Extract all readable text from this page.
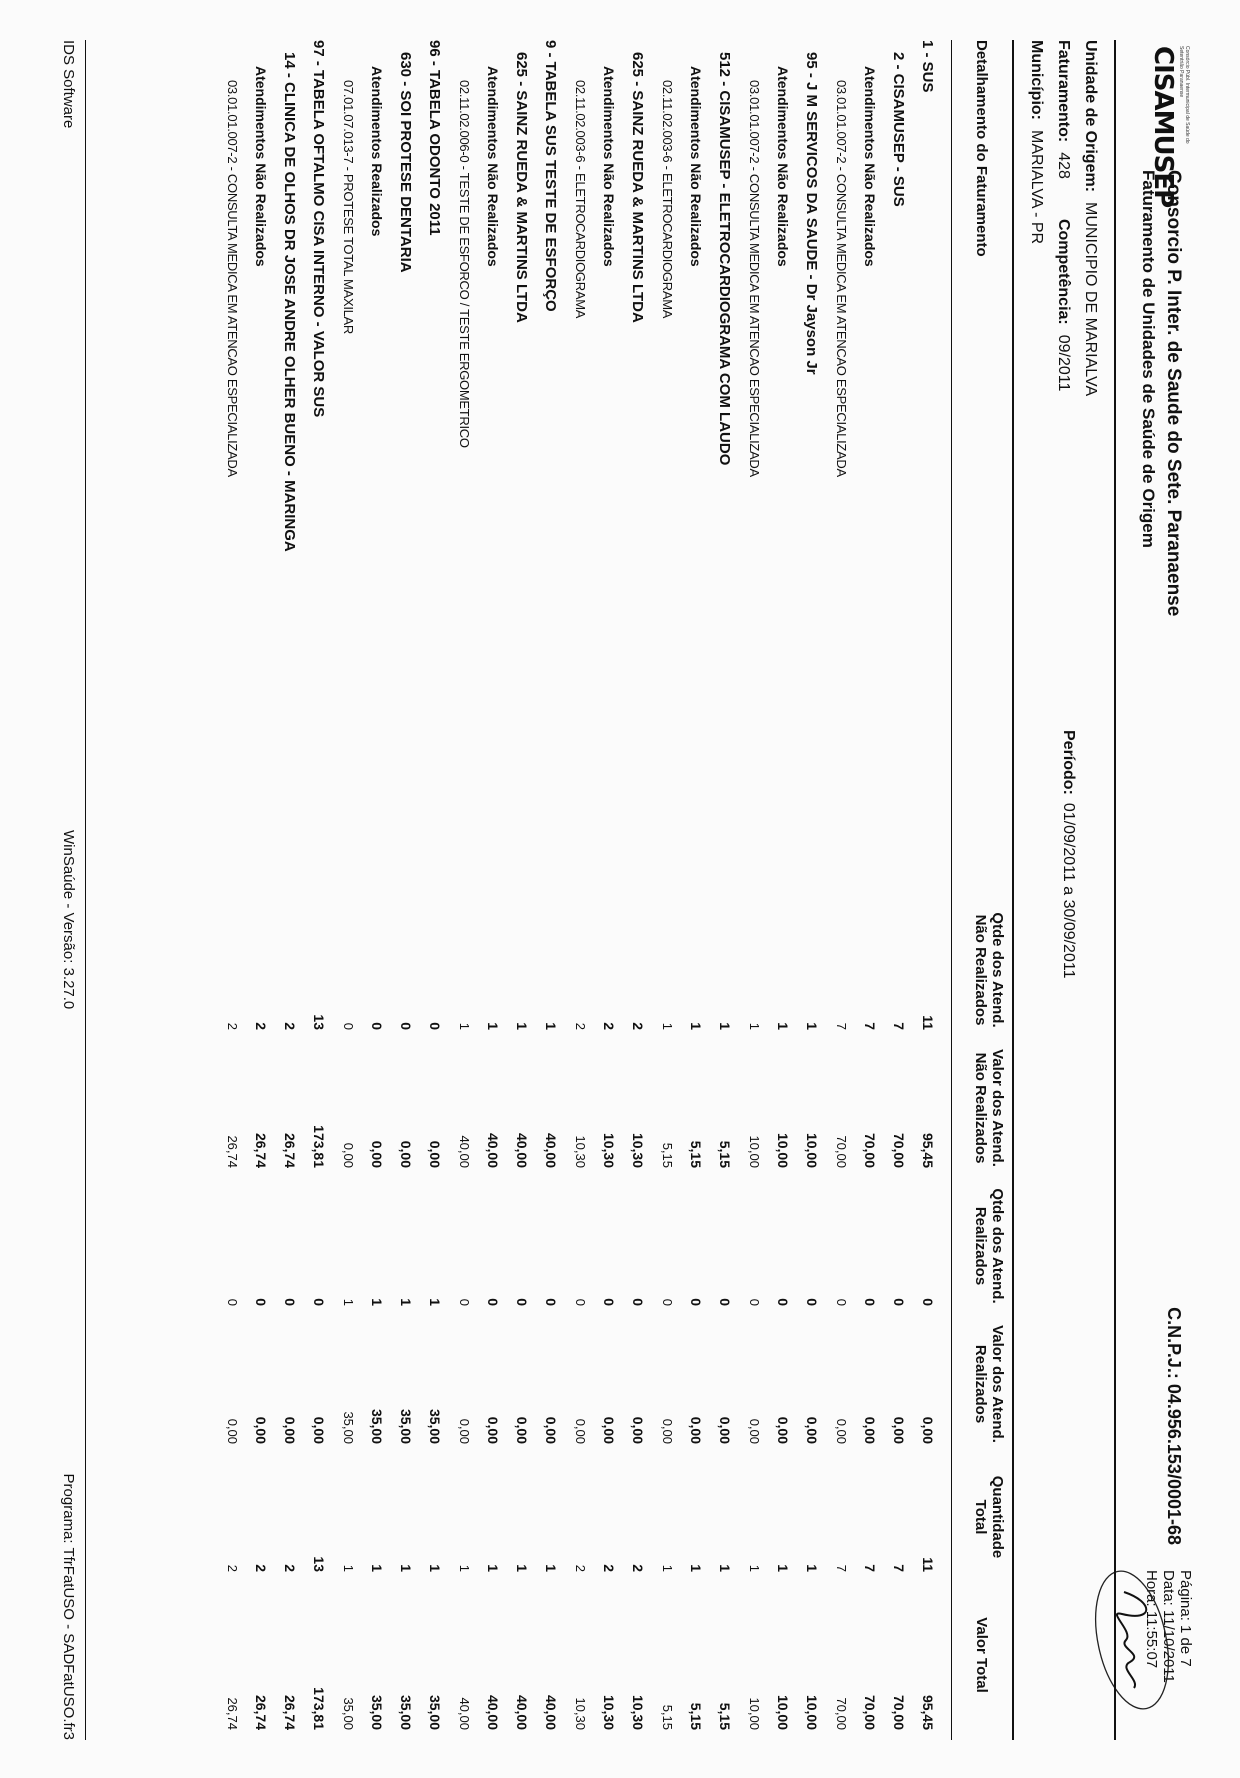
Consórcio Públ. Intermunicipal de Saúde do Setentrião Paranaense
CISAMUSEP
Consorcio P. Inter. de Saude do Sete. Paranaense
Faturamento de Unidades de Saúde de Origem
C.N.P.J.: 04.956.153/0001-68
Página: 1 de 7
Data: 11/10/2011
Hora: 11:55:07
Unidade de Origem:MUNICIPIO DE MARIALVA
Faturamento:428Competência:09/2011
Município:MARIALVA - PR
Período:01/09/2011 a 30/09/2011
Detalhamento do Faturamento
Qtde dos Atend.
Não Realizados
Valor dos Atend.
Não Realizados
Qtde dos Atend.
Realizados
Valor dos Atend.
Realizados
Quantidade
Total
Valor Total
1 - SUS
11
95,45
0
0,00
11
95,45
2 - CISAMUSEP - SUS
7
70,00
0
0,00
7
70,00
Atendimentos Não Realizados
7
70,00
0
0,00
7
70,00
03.01.01.007-2 - CONSULTA MEDICA EM ATENCAO ESPECIALIZADA
7
70,00
0
0,00
7
70,00
95 - J M SERVICOS DA SAUDE - Dr Jayson Jr
1
10,00
0
0,00
1
10,00
Atendimentos Não Realizados
1
10,00
0
0,00
1
10,00
03.01.01.007-2 - CONSULTA MEDICA EM ATENCAO ESPECIALIZADA
1
10,00
0
0,00
1
10,00
512 - CISAMUSEP - ELETROCARDIOGRAMA COM LAUDO
1
5,15
0
0,00
1
5,15
Atendimentos Não Realizados
1
5,15
0
0,00
1
5,15
02.11.02.003-6 - ELETROCARDIOGRAMA
1
5,15
0
0,00
1
5,15
625 - SAINZ RUEDA & MARTINS LTDA
2
10,30
0
0,00
2
10,30
Atendimentos Não Realizados
2
10,30
0
0,00
2
10,30
02.11.02.003-6 - ELETROCARDIOGRAMA
2
10,30
0
0,00
2
10,30
9 - TABELA SUS TESTE DE ESFORÇO
1
40,00
0
0,00
1
40,00
625 - SAINZ RUEDA & MARTINS LTDA
1
40,00
0
0,00
1
40,00
Atendimentos Não Realizados
1
40,00
0
0,00
1
40,00
02.11.02.006-0 - TESTE DE ESFORCO / TESTE ERGOMETRICO
1
40,00
0
0,00
1
40,00
96 - TABELA ODONTO 2011
0
0,00
1
35,00
1
35,00
630 - SOI PROTESE DENTARIA
0
0,00
1
35,00
1
35,00
Atendimentos Realizados
0
0,00
1
35,00
1
35,00
07.01.07.013-7 - PROTESE TOTAL MAXILAR
0
0,00
1
35,00
1
35,00
97 - TABELA OFTALMO CISA INTERNO - VALOR SUS
13
173,81
0
0,00
13
173,81
14 - CLINICA DE OLHOS DR JOSE ANDRE OLHER BUENO - MARINGA
2
26,74
0
0,00
2
26,74
Atendimentos Não Realizados
2
26,74
0
0,00
2
26,74
03.01.01.007-2 - CONSULTA MEDICA EM ATENCAO ESPECIALIZADA
2
26,74
0
0,00
2
26,74
IDS Software
WinSaúde - Versão: 3.27.0
Programa: TfrFatUSO - SADFatUSO.fr3
